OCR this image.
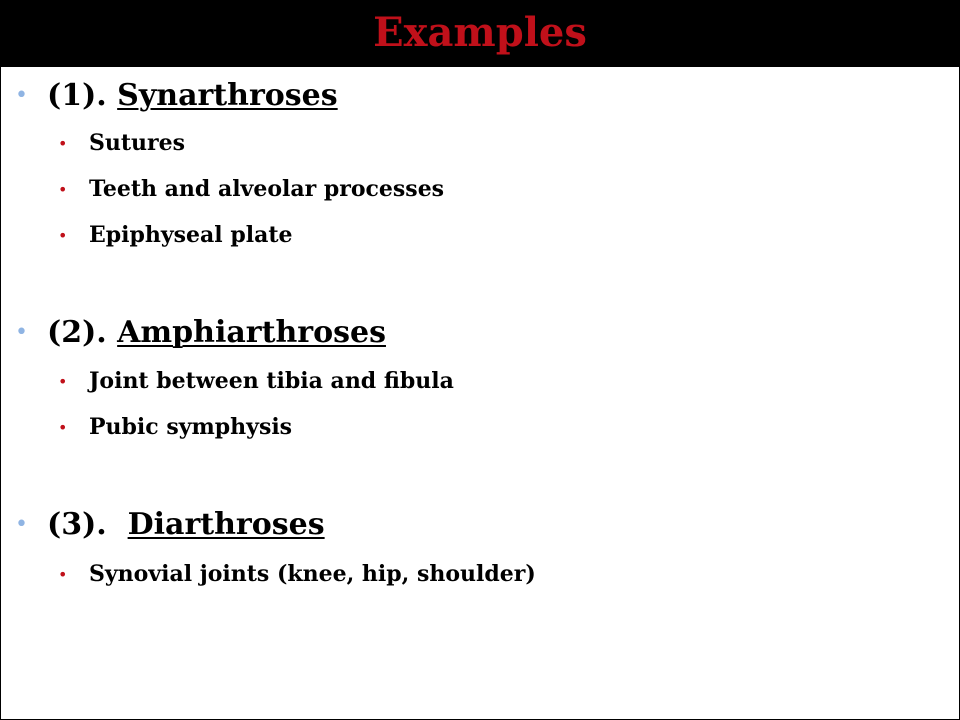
Examples
• (1). Synarthroses
• Sutures
• Teeth and alveolar processes
• Epiphyseal plate
• (2). Amphiarthroses
• Joint between tibia and fibula
• Pubic symphysis
• (3).  Diarthroses
• Synovial joints (knee, hip, shoulder)
